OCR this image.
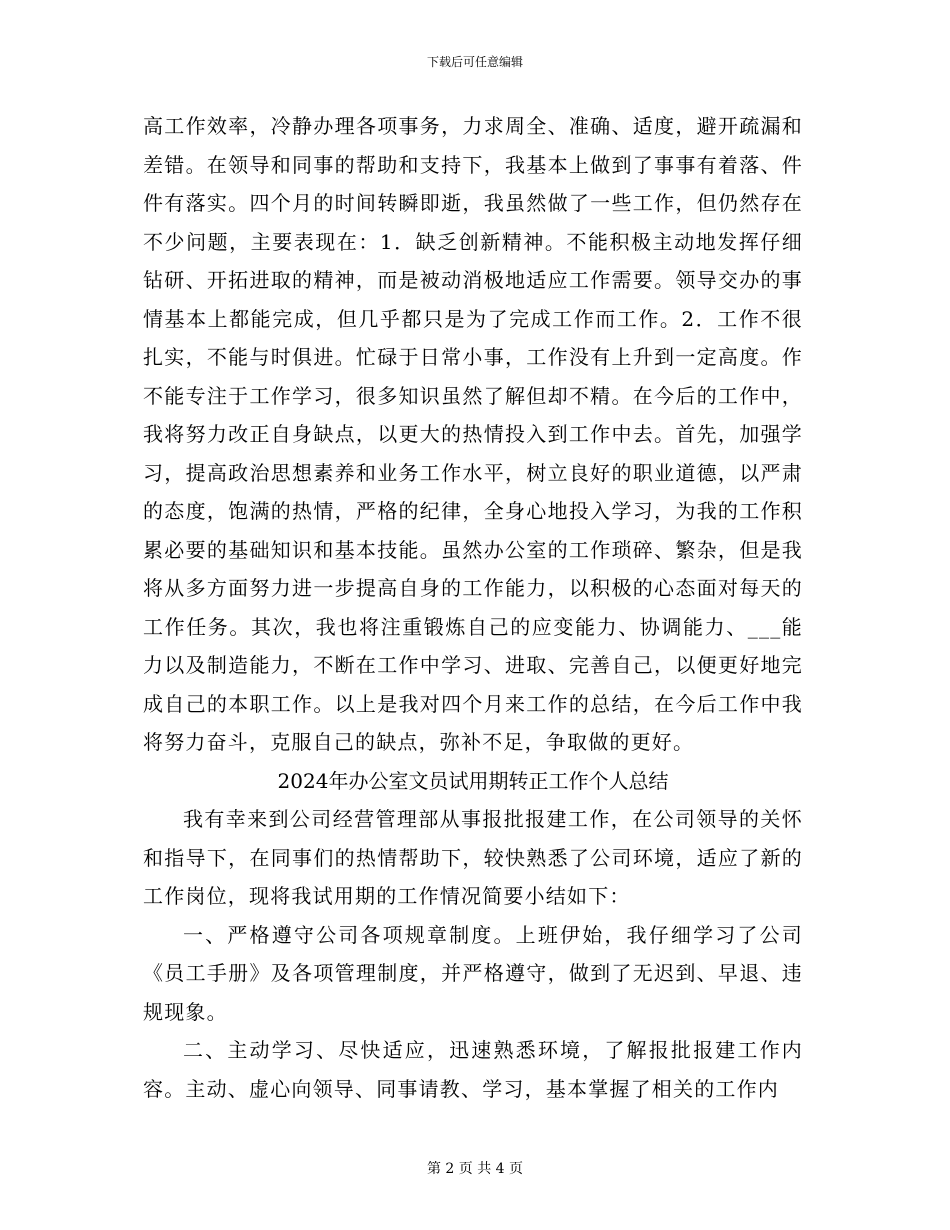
下载后可任意编辑

高工作效率，冷静办理各项事务，力求周全、准确、适度，避开疏漏和差错。在领导和同事的帮助和支持下，我基本上做到了事事有着落、件件有落实。四个月的时间转瞬即逝，我虽然做了一些工作，但仍然存在不少问题，主要表现在：1．缺乏创新精神。不能积极主动地发挥仔细钻研、开拓进取的精神，而是被动消极地适应工作需要。领导交办的事情基本上都能完成，但几乎都只是为了完成工作而工作。2．工作不很扎实，不能与时俱进。忙碌于日常小事，工作没有上升到一定高度。作不能专注于工作学习，很多知识虽然了解但却不精。在今后的工作中，我将努力改正自身缺点，以更大的热情投入到工作中去。首先，加强学习，提高政治思想素养和业务工作水平，树立良好的职业道德，以严肃的态度，饱满的热情，严格的纪律，全身心地投入学习，为我的工作积累必要的基础知识和基本技能。虽然办公室的工作琐碎、繁杂，但是我将从多方面努力进一步提高自身的工作能力，以积极的心态面对每天的工作任务。其次，我也将注重锻炼自己的应变能力、协调能力、___能力以及制造能力，不断在工作中学习、进取、完善自己，以便更好地完成自己的本职工作。以上是我对四个月来工作的总结，在今后工作中我将努力奋斗，克服自己的缺点，弥补不足，争取做的更好。

2024年办公室文员试用期转正工作个人总结

我有幸来到公司经营管理部从事报批报建工作，在公司领导的关怀和指导下，在同事们的热情帮助下，较快熟悉了公司环境，适应了新的工作岗位，现将我试用期的工作情况简要小结如下：

一、严格遵守公司各项规章制度。上班伊始，我仔细学习了公司《员工手册》及各项管理制度，并严格遵守，做到了无迟到、早退、违规现象。

二、主动学习、尽快适应，迅速熟悉环境，了解报批报建工作内容。主动、虚心向领导、同事请教、学习，基本掌握了相关的工作内

第 2 页 共 4 页
